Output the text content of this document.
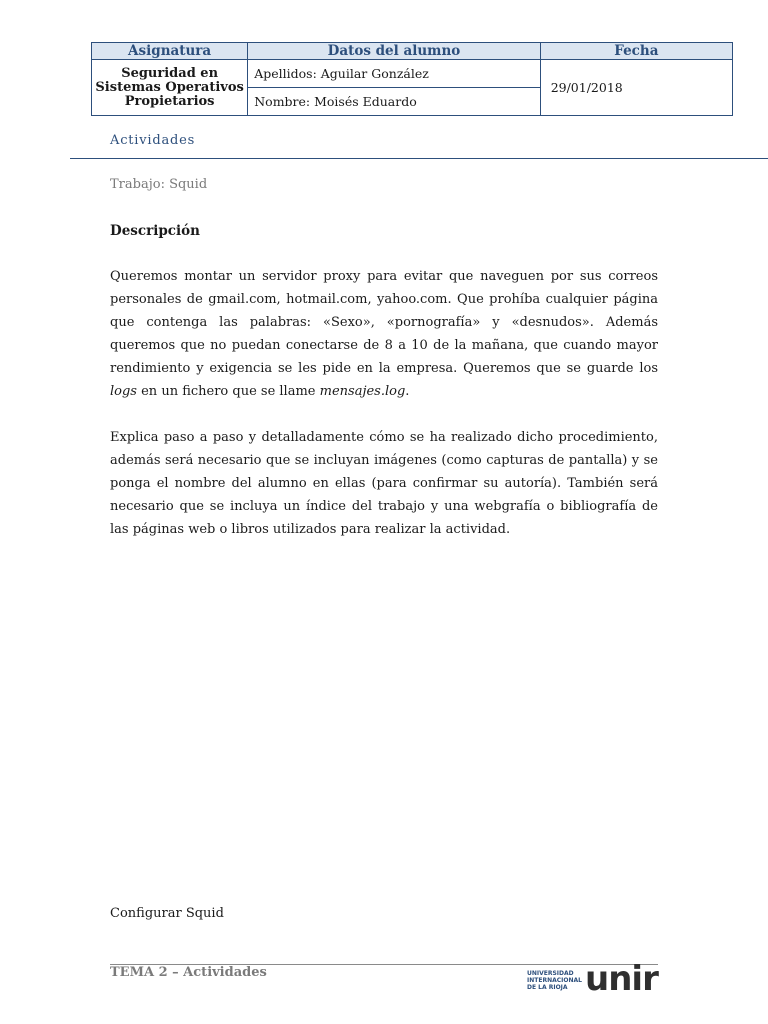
Asignatura	Datos del alumno	Fecha
Seguridad en
Sistemas Operativos
Propietarios	Apellidos: Aguilar González	29/01/2018
	Nombre: Moisés Eduardo	
Actividades
Trabajo: Squid
Descripción

Queremos montar un servidor proxy para evitar que naveguen por sus correos personales de gmail.com, hotmail.com, yahoo.com. Que prohíba cualquier página que contenga las palabras: «Sexo», «pornografía» y «desnudos». Además queremos que no puedan conectarse de 8 a 10 de la mañana, que cuando mayor rendimiento y exigencia se les pide en la empresa. Queremos que se guarde los logs en un fichero que se llame mensajes.log.

Explica paso a paso y detalladamente cómo se ha realizado dicho procedimiento, además será necesario que se incluyan imágenes (como capturas de pantalla) y se ponga el nombre del alumno en ellas (para confirmar su autoría). También será necesario que se incluya un índice del trabajo y una webgrafía o bibliografía de las páginas web o libros utilizados para realizar la actividad.

Configurar Squid
TEMA 2 – Actividades	UNIVERSIDAD
INTERNACIONAL
DE LA RIOJA unir
